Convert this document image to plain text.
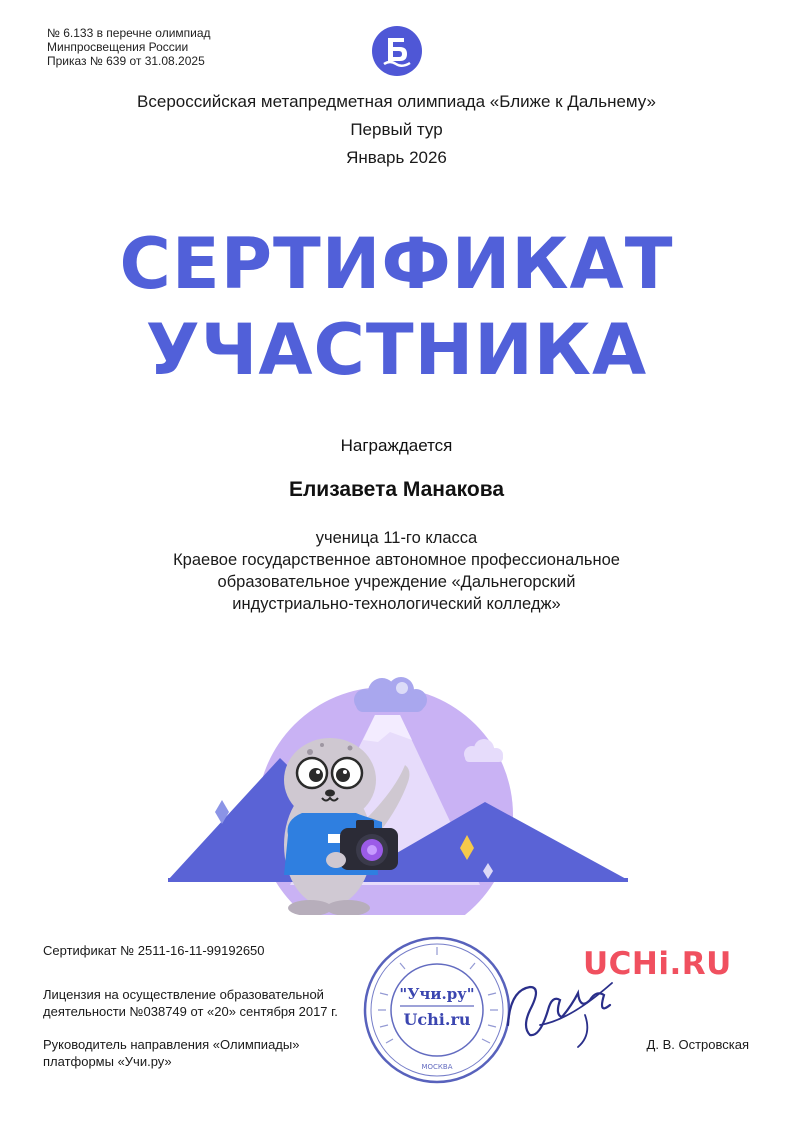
№ 6.133 в перечне олимпиад
Минпросвещения России
Приказ № 639 от 31.08.2025
Всероссийская метапредметная олимпиада «Ближе к Дальнему»
Первый тур
Январь 2026
СЕРТИФИКАТ
УЧАСТНИКА
Награждается
Елизавета Манакова
ученица 11-го класса
Краевое государственное автономное профессиональное
образовательное учреждение «Дальнегорский
индустриально-технологический колледж»
Сертификат № 2511-16-11-99192650
Лицензия на осуществление образовательной
деятельности №038749 от «20» сентября 2017 г.
Руководитель направления «Олимпиады»
платформы «Учи.ру»
Д. В. Островская
UCHi.RU
"Учи.ру"
Uchi.ru
МОСКВА
